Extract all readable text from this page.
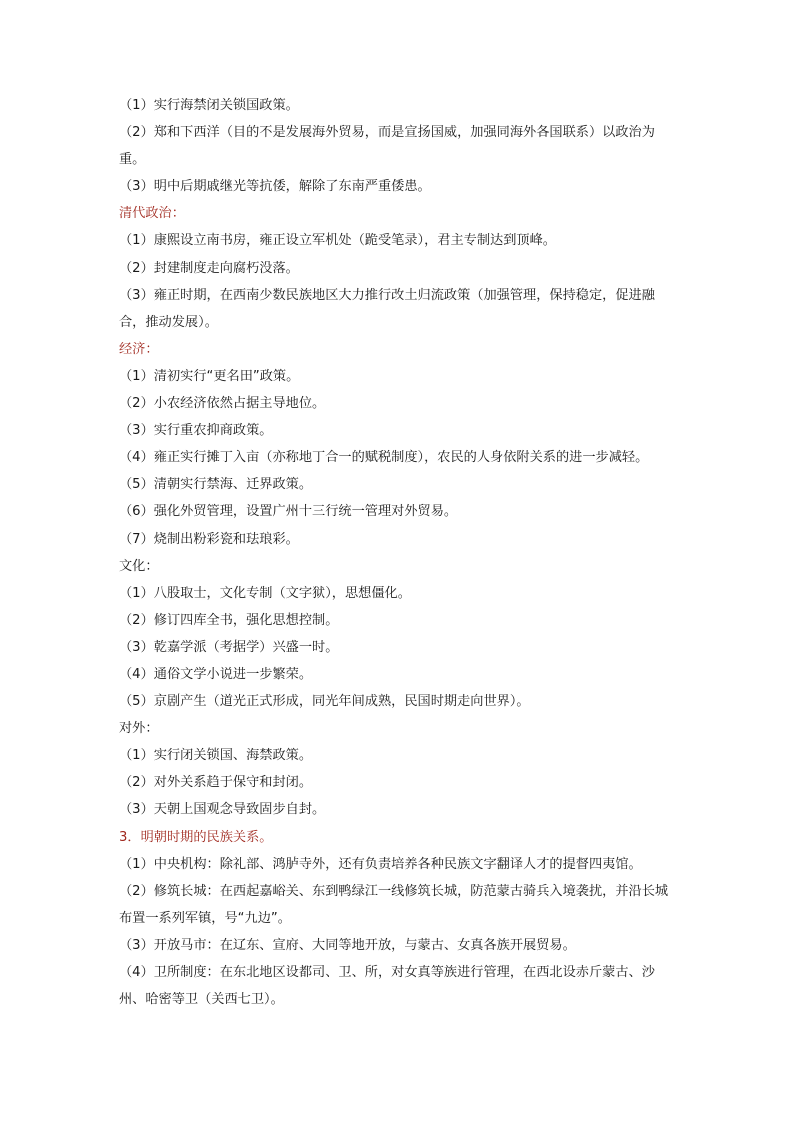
（1）实行海禁闭关锁国政策。
（2）郑和下西洋（目的不是发展海外贸易，而是宣扬国威，加强同海外各国联系）以政治为重。
（3）明中后期戚继光等抗倭，解除了东南严重倭患。
清代政治：
（1）康熙设立南书房，雍正设立军机处（跪受笔录），君主专制达到顶峰。
（2）封建制度走向腐朽没落。
（3）雍正时期，在西南少数民族地区大力推行改土归流政策（加强管理，保持稳定，促进融合，推动发展）。
经济：
（1）清初实行“更名田”政策。
（2）小农经济依然占据主导地位。
（3）实行重农抑商政策。
（4）雍正实行摊丁入亩（亦称地丁合一的赋税制度），农民的人身依附关系的进一步减轻。
（5）清朝实行禁海、迁界政策。
（6）强化外贸管理，设置广州十三行统一管理对外贸易。
（7）烧制出粉彩瓷和珐琅彩。
文化：
（1）八股取士，文化专制（文字狱），思想僵化。
（2）修订四库全书，强化思想控制。
（3）乾嘉学派（考据学）兴盛一时。
（4）通俗文学小说进一步繁荣。
（5）京剧产生（道光正式形成，同光年间成熟，民国时期走向世界）。
对外：
（1）实行闭关锁国、海禁政策。
（2）对外关系趋于保守和封闭。
（3）天朝上国观念导致固步自封。
3．明朝时期的民族关系。
（1）中央机构：除礼部、鸿胪寺外，还有负责培养各种民族文字翻译人才的提督四夷馆。
（2）修筑长城：在西起嘉峪关、东到鸭绿江一线修筑长城，防范蒙古骑兵入境袭扰，并沿长城布置一系列军镇，号“九边”。
（3）开放马市：在辽东、宣府、大同等地开放，与蒙古、女真各族开展贸易。
（4）卫所制度：在东北地区设都司、卫、所，对女真等族进行管理，在西北设赤斤蒙古、沙州、哈密等卫（关西七卫）。
